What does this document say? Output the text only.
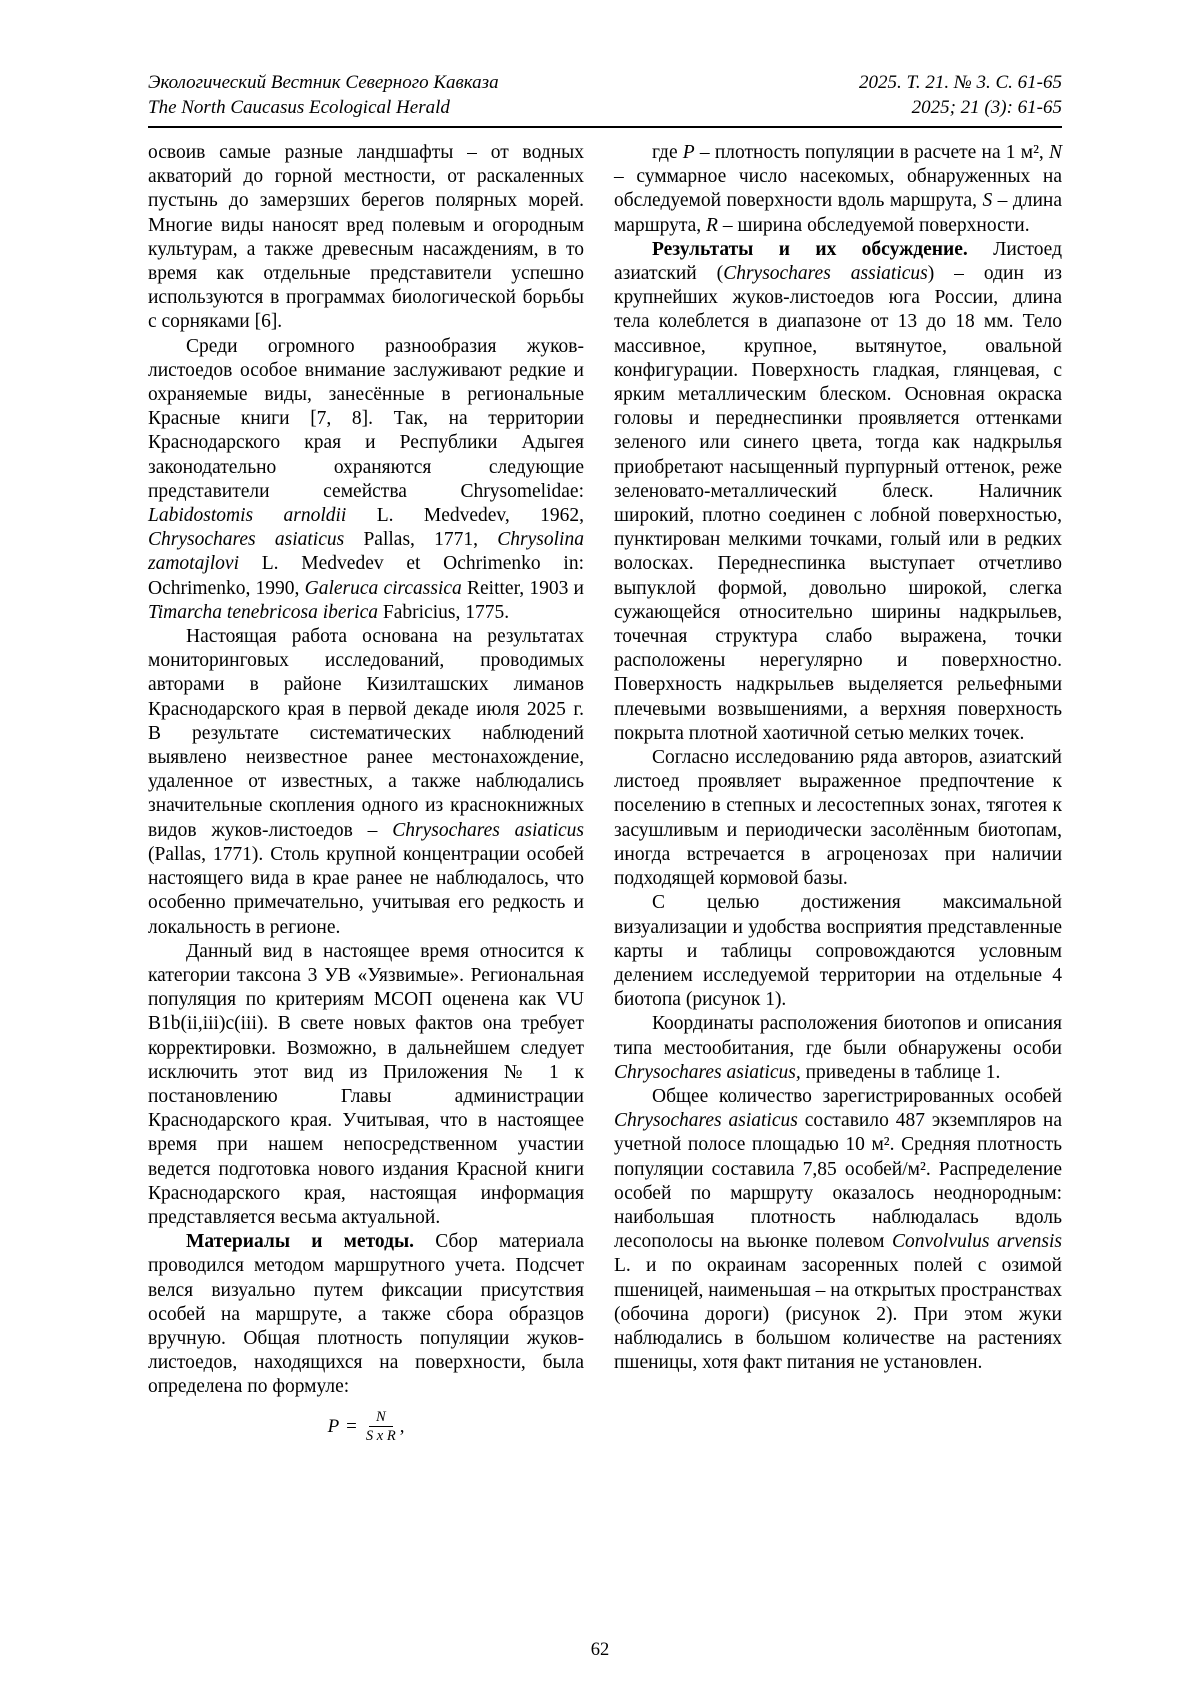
Экологический Вестник Северного Кавказа
The North Caucasus Ecological Herald
2025. Т. 21. № 3. С. 61-65
2025; 21 (3): 61-65

освоив самые разные ландшафты – от водных акваторий до горной местности, от раскаленных пустынь до замерзших берегов полярных морей. Многие виды наносят вред полевым и огородным культурам, а также древесным насаждениям, в то время как отдельные представители успешно используются в программах биологической борьбы с сорняками [6].

Среди огромного разнообразия жуков-листоедов особое внимание заслуживают редкие и охраняемые виды, занесённые в региональные Красные книги [7, 8]. Так, на территории Краснодарского края и Республики Адыгея законодательно охраняются следующие представители семейства Chrysomelidae: Labidostomis arnoldii L. Medvedev, 1962, Chrysochares asiaticus Pallas, 1771, Chrysolina zamotajlovi L. Medvedev et Ochrimenko in: Ochrimenko, 1990, Galeruca circassica Reitter, 1903 и Timarcha tenebricosa iberica Fabricius, 1775.

Настоящая работа основана на результатах мониторинговых исследований, проводимых авторами в районе Кизилташских лиманов Краснодарского края в первой декаде июля 2025 г. В результате систематических наблюдений выявлено неизвестное ранее местонахождение, удаленное от известных, а также наблюдались значительные скопления одного из краснокнижных видов жуков-листоедов – Chrysochares asiaticus (Pallas, 1771). Столь крупной концентрации особей настоящего вида в крае ранее не наблюдалось, что особенно примечательно, учитывая его редкость и локальность в регионе.

Данный вид в настоящее время относится к категории таксона 3 УВ «Уязвимые». Региональная популяция по критериям МСОП оценена как VU B1b(ii,iii)c(iii). В свете новых фактов она требует корректировки. Возможно, в дальнейшем следует исключить этот вид из Приложения № 1 к постановлению Главы администрации Краснодарского края. Учитывая, что в настоящее время при нашем непосредственном участии ведется подготовка нового издания Красной книги Краснодарского края, настоящая информация представляется весьма актуальной.

Материалы и методы. Сбор материала проводился методом маршрутного учета. Подсчет велся визуально путем фиксации присутствия особей на маршруте, а также сбора образцов вручную. Общая плотность популяции жуков-листоедов, находящихся на поверхности, была определена по формуле:

$P = \frac{N}{\text{S x R}}$ ,

где P – плотность популяции в расчете на 1 м², N – суммарное число насекомых, обнаруженных на обследуемой поверхности вдоль маршрута, S – длина маршрута, R – ширина обследуемой поверхности.

Результаты и их обсуждение. Листоед азиатский (Chrysochares assiaticus) – один из крупнейших жуков-листоедов юга России, длина тела колеблется в диапазоне от 13 до 18 мм. Тело массивное, крупное, вытянутое, овальной конфигурации. Поверхность гладкая, глянцевая, с ярким металлическим блеском. Основная окраска головы и переднеспинки проявляется оттенками зеленого или синего цвета, тогда как надкрылья приобретают насыщенный пурпурный оттенок, реже зеленовато-металлический блеск. Наличник широкий, плотно соединен с лобной поверхностью, пунктирован мелкими точками, голый или в редких волосках. Переднеспинка выступает отчетливо выпуклой формой, довольно широкой, слегка сужающейся относительно ширины надкрыльев, точечная структура слабо выражена, точки расположены нерегулярно и поверхностно. Поверхность надкрыльев выделяется рельефными плечевыми возвышениями, а верхняя поверхность покрыта плотной хаотичной сетью мелких точек.

Согласно исследованию ряда авторов, азиатский листоед проявляет выраженное предпочтение к поселению в степных и лесостепных зонах, тяготея к засушливым и периодически засолённым биотопам, иногда встречается в агроценозах при наличии подходящей кормовой базы.

С целью достижения максимальной визуализации и удобства восприятия представленные карты и таблицы сопровождаются условным делением исследуемой территории на отдельные 4 биотопа (рисунок 1).

Координаты расположения биотопов и описания типа местообитания, где были обнаружены особи Chrysochares asiaticus, приведены в таблице 1.

Общее количество зарегистрированных особей Chrysochares asiaticus составило 487 экземпляров на учетной полосе площадью 10 м². Средняя плотность популяции составила 7,85 особей/м². Распределение особей по маршруту оказалось неоднородным: наибольшая плотность наблюдалась вдоль лесополосы на вьюнке полевом Convolvulus arvensis L. и по окраинам засоренных полей с озимой пшеницей, наименьшая – на открытых пространствах (обочина дороги) (рисунок 2). При этом жуки наблюдались в большом количестве на растениях пшеницы, хотя факт питания не установлен.

62
